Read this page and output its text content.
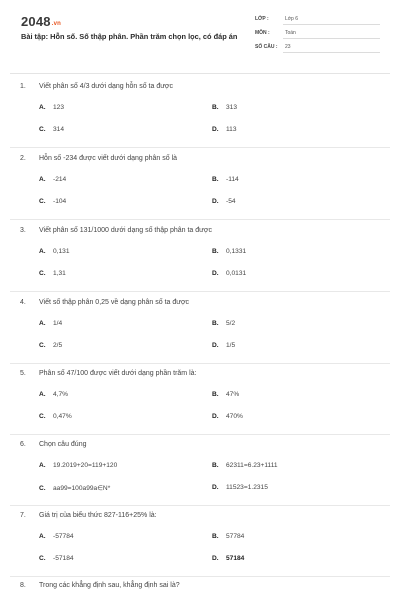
2048.vn
Bài tập: Hỗn số. Số thập phân. Phần trăm chọn lọc, có đáp án
LỚP :	Lớp 6
MÔN :	Toán
SỐ CÂU : 23
1. Viết phân số 4/3 dưới dạng hỗn số ta được
A. 123	B. 313
C. 314	D. 113
2. Hỗn số -234 được viết dưới dạng phân số là
A. -214	B. -114
C. -104	D. -54
3. Viết phân số 131/1000 dưới dạng số thập phân ta được
A. 0,131	B. 0,1331
C. 1,31	D. 0,0131
4. Viết số thập phân 0,25 về dạng phân số ta được
A. 1/4	B. 5/2
C. 2/5	D. 1/5
5. Phân số 47/100 được viết dưới dạng phần trăm là:
A. 4,7%	B. 47%
C. 0,47%	D. 470%
6. Chọn câu đúng
A. 19.2019+20=119+120	B. 62311=6.23+1111
C. aa99=100a99a∈N*	D. 11523=1.2315
7. Giá trị của biểu thức 827-116+25% là:
A. -57784	B. 57784
C. -57184	D. 57184
8. Trong các khẳng định sau, khẳng định sai là?
